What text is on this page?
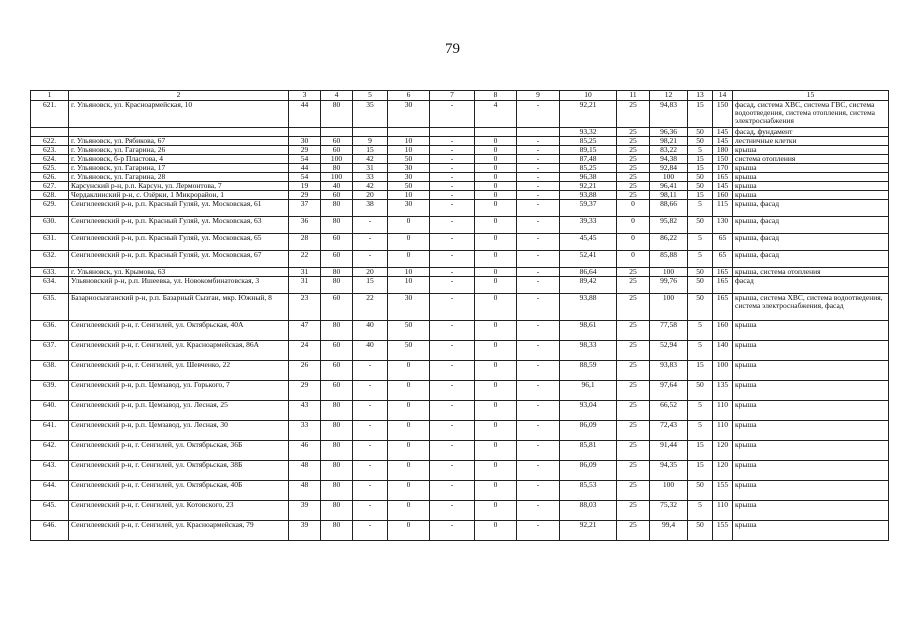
79
1	2	3	4	5	6	7	8	9	10	11	12	13	14	15
621.	г. Ульяновск, ул. Красноармейская, 10	44	80	35	30	-	4	-	92,21	25	94,83	15	150	фасад, система ХВС, система ГВС, система водоотведения, система отопления, система электроснабжения
									93,32	25	96,36	50	145	фасад, фундамент
622.	г. Ульяновск, ул. Рябикова, 67	30	60	9	10	-	0	-	85,25	25	98,21	50	145	лестничные клетки
623.	г. Ульяновск, ул. Гагарина, 26	29	60	15	10	-	0	-	89,15	25	83,22	5	180	крыша
624.	г. Ульяновск, б-р Пластова, 4	54	100	42	50	-	0	-	87,48	25	94,38	15	150	система отопления
625.	г. Ульяновск, ул. Гагарина, 17	44	80	31	30	-	0	-	85,25	25	92,84	15	170	крыша
626.	г. Ульяновск, ул. Гагарина, 28	54	100	33	30	-	0	-	96,38	25	100	50	165	крыша
627.	Карсунский р-н, р.п. Карсун, ул. Лермонтова, 7	19	40	42	50	-	0	-	92,21	25	96,41	50	145	крыша
628.	Чердаклинский р-н, с. Озёрки, 1 Микрорайон, 1	29	60	20	10	-	0	-	93,88	25	98,11	15	160	крыша
629.	Сенгилеевский р-н, р.п. Красный Гуляй, ул. Московская, 61	37	80	38	30	-	0	-	59,37	0	88,66	5	115	крыша, фасад
630.	Сенгилеевский р-н, р.п. Красный Гуляй, ул. Московская, 63	36	80	-	0	-	0	-	39,33	0	95,82	50	130	крыша, фасад
631.	Сенгилеевский р-н, р.п. Красный Гуляй, ул. Московская, 65	28	60	-	0	-	0	-	45,45	0	86,22	5	65	крыша, фасад
632.	Сенгилеевский р-н, р.п. Красный Гуляй, ул. Московская, 67	22	60	-	0	-	0	-	52,41	0	85,88	5	65	крыша, фасад
633.	г. Ульяновск, ул. Крымова, 63	31	80	20	10	-	0	-	86,64	25	100	50	165	крыша, система отопления
634.	Ульяновский р-н, р.п. Ишеевка, ул. Новокомбинатовская, 3	31	80	15	10	-	0	-	89,42	25	99,76	50	165	фасад
635.	Базарносызганский р-н, р.п. Базарный Сызган, мкр. Южный, 8	23	60	22	30	-	0	-	93,88	25	100	50	165	крыша, система ХВС, система водоотведения, система электроснабжения, фасад
636.	Сенгилеевский р-н, г. Сенгилей, ул. Октябрьская, 40А	47	80	40	50	-	0	-	98,61	25	77,58	5	160	крыша
637.	Сенгилеевский р-н, г. Сенгилей, ул. Красноармейская, 86А	24	60	40	50	-	0	-	98,33	25	52,94	5	140	крыша
638.	Сенгилеевский р-н, г. Сенгилей, ул. Шевченко, 22	26	60	-	0	-	0	-	88,59	25	93,83	15	100	крыша
639.	Сенгилеевский р-н, р.п. Цемзавод, ул. Горького, 7	29	60	-	0	-	0	-	96,1	25	97,64	50	135	крыша
640.	Сенгилеевский р-н, р.п. Цемзавод, ул. Лесная, 25	43	80	-	0	-	0	-	93,04	25	66,52	5	110	крыша
641.	Сенгилеевский р-н, р.п. Цемзавод, ул. Лесная, 30	33	80	-	0	-	0	-	86,09	25	72,43	5	110	крыша
642.	Сенгилеевский р-н, г. Сенгилей, ул. Октябрьская, 36Б	46	80	-	0	-	0	-	85,81	25	91,44	15	120	крыша
643.	Сенгилеевский р-н, г. Сенгилей, ул. Октябрьская, 38Б	48	80	-	0	-	0	-	86,09	25	94,35	15	120	крыша
644.	Сенгилеевский р-н, г. Сенгилей, ул. Октябрьская, 40Б	48	80	-	0	-	0	-	85,53	25	100	50	155	крыша
645.	Сенгилеевский р-н, г. Сенгилей, ул. Котовского, 23	39	80	-	0	-	0	-	88,03	25	75,32	5	110	крыша
646.	Сенгилеевский р-н, г. Сенгилей, ул. Красноармейская, 79	39	80	-	0	-	0	-	92,21	25	99,4	50	155	крыша
